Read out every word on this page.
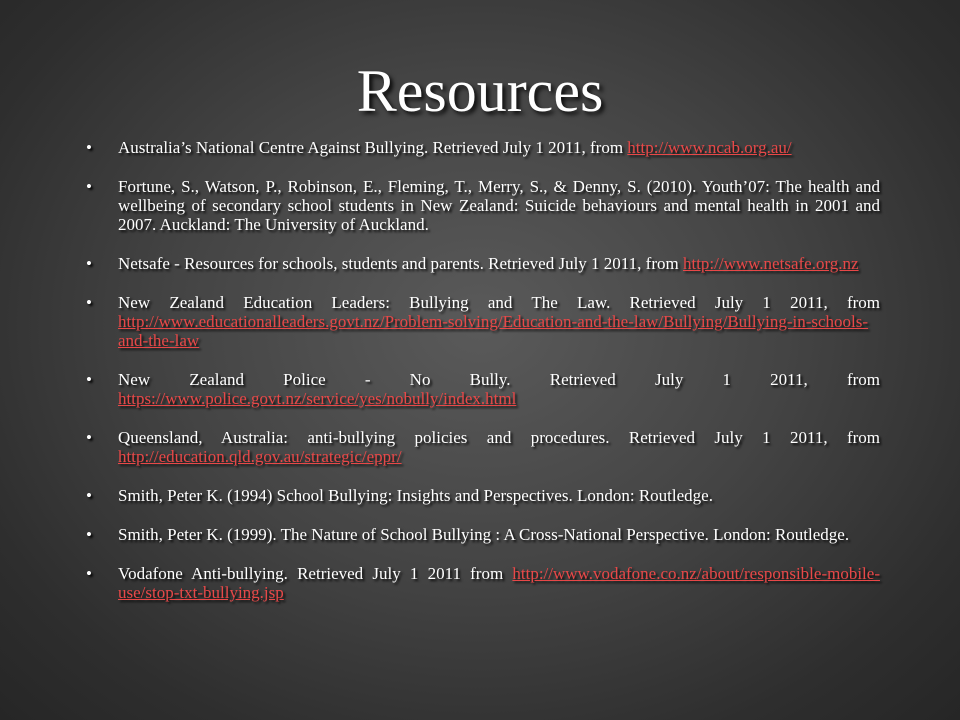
Resources
• Australia’s National Centre Against Bullying. Retrieved July 1 2011, from http://www.ncab.org.au/
• Fortune, S., Watson, P., Robinson, E., Fleming, T., Merry, S., & Denny, S. (2010). Youth’07: The health and wellbeing of secondary school students in New Zealand: Suicide behaviours and mental health in 2001 and 2007. Auckland: The University of Auckland.
• Netsafe - Resources for schools, students and parents. Retrieved July 1 2011, from http://www.netsafe.org.nz
• New Zealand Education Leaders: Bullying and The Law. Retrieved July 1 2011, from http://www.educationalleaders.govt.nz/Problem-solving/Education-and-the-law/Bullying/Bullying-in-schools-and-the-law
• New Zealand Police - No Bully. Retrieved July 1 2011, from https://www.police.govt.nz/service/yes/nobully/index.html
• Queensland, Australia: anti-bullying policies and procedures. Retrieved July 1 2011, from http://education.qld.gov.au/strategic/eppr/
• Smith, Peter K. (1994) School Bullying: Insights and Perspectives. London: Routledge.
• Smith, Peter K. (1999). The Nature of School Bullying : A Cross-National Perspective. London: Routledge.
• Vodafone Anti-bullying. Retrieved July 1 2011 from http://www.vodafone.co.nz/about/responsible-mobile-use/stop-txt-bullying.jsp
